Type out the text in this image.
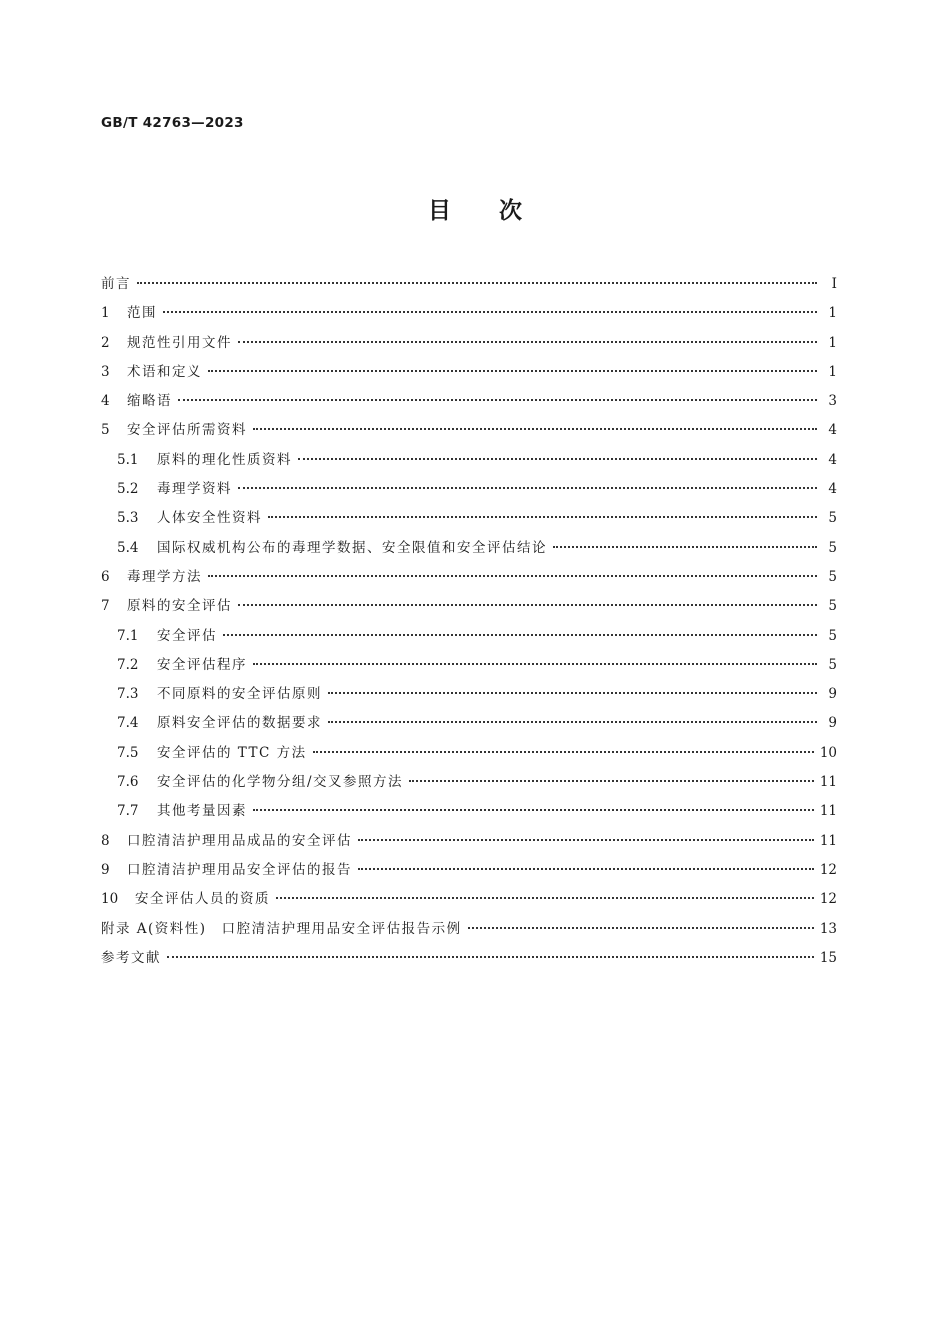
GB/T 42763—2023
目次
前言	Ⅰ
1	范围	1
2	规范性引用文件	1
3	术语和定义	1
4	缩略语	3
5	安全评估所需资料	4
5.1	原料的理化性质资料	4
5.2	毒理学资料	4
5.3	人体安全性资料	5
5.4	国际权威机构公布的毒理学数据、安全限值和安全评估结论	5
6	毒理学方法	5
7	原料的安全评估	5
7.1	安全评估	5
7.2	安全评估程序	5
7.3	不同原料的安全评估原则	9
7.4	原料安全评估的数据要求	9
7.5	安全评估的 TTC 方法	10
7.6	安全评估的化学物分组/交叉参照方法	11
7.7	其他考量因素	11
8	口腔清洁护理用品成品的安全评估	11
9	口腔清洁护理用品安全评估的报告	12
10	安全评估人员的资质	12
附录 A(资料性)　口腔清洁护理用品安全评估报告示例	13
参考文献	15
